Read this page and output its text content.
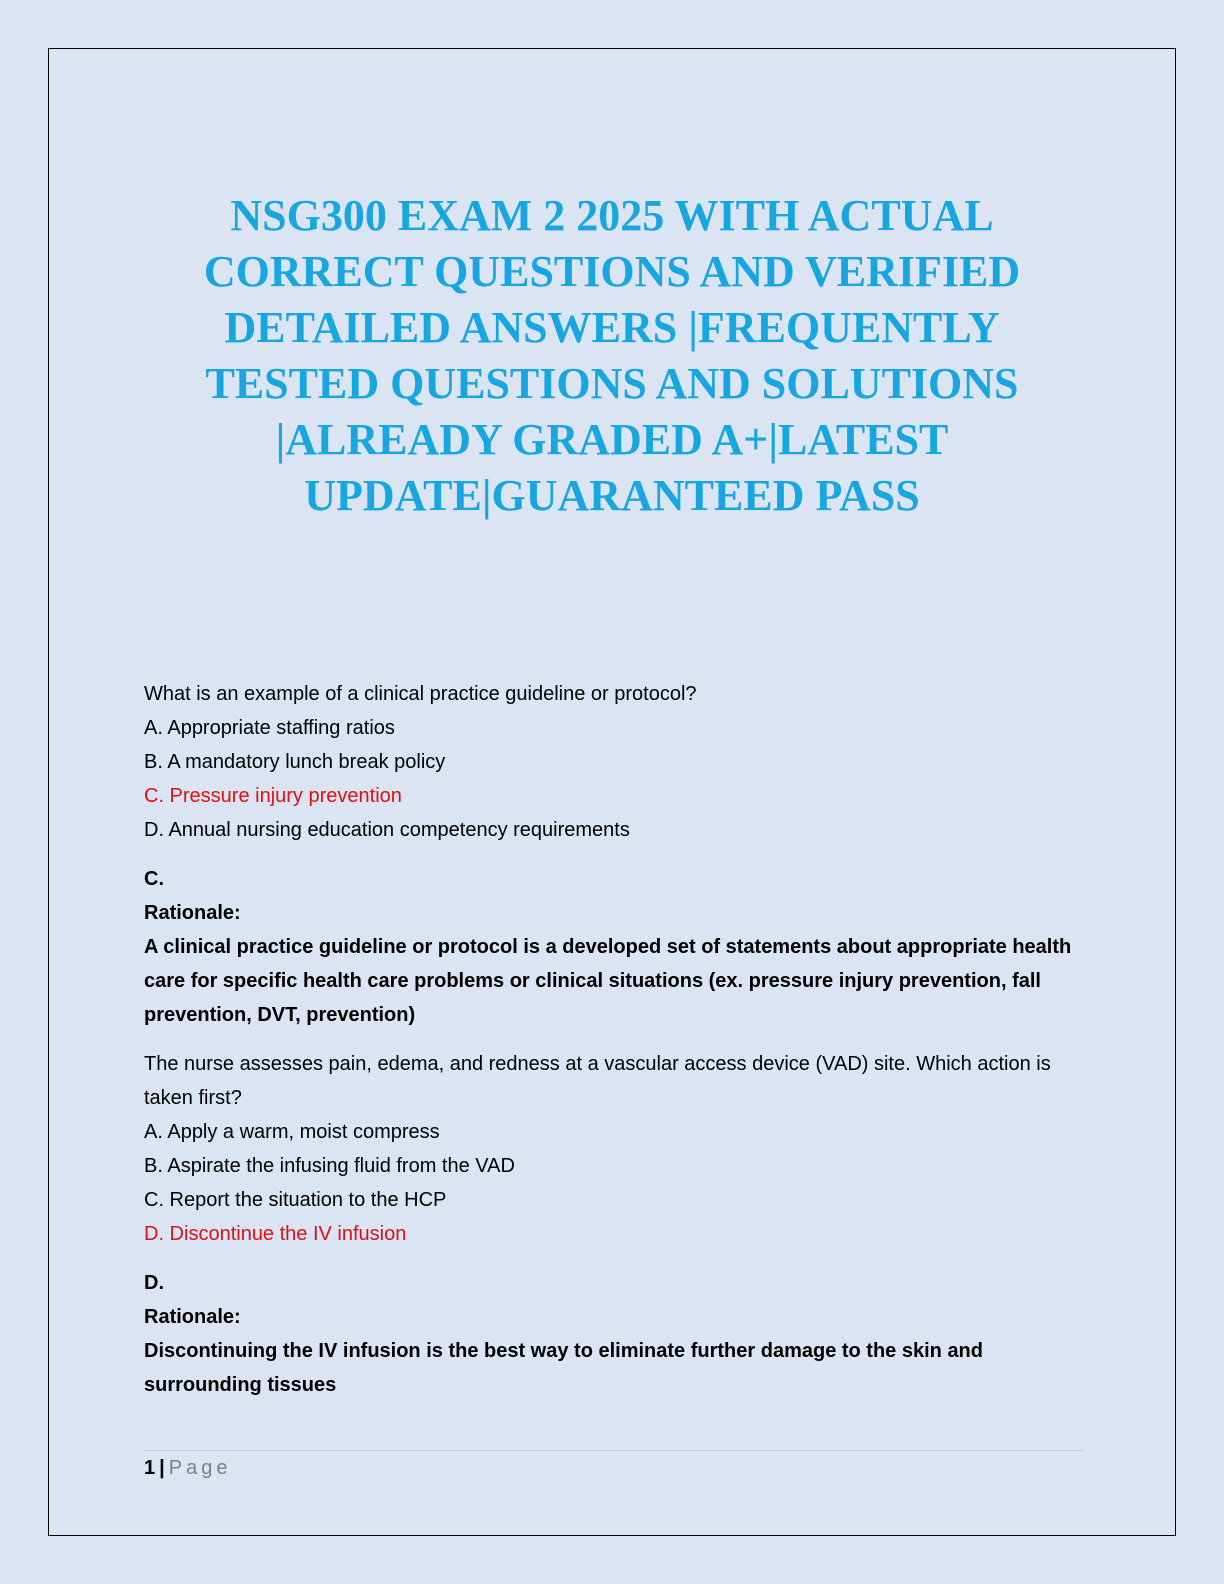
NSG300 EXAM 2 2025 WITH ACTUAL CORRECT QUESTIONS AND VERIFIED DETAILED ANSWERS |FREQUENTLY TESTED QUESTIONS AND SOLUTIONS |ALREADY GRADED A+|LATEST UPDATE|GUARANTEED PASS
What is an example of a clinical practice guideline or protocol?
A. Appropriate staffing ratios
B. A mandatory lunch break policy
C. Pressure injury prevention
D. Annual nursing education competency requirements
C.
Rationale:
A clinical practice guideline or protocol is a developed set of statements about appropriate health care for specific health care problems or clinical situations (ex. pressure injury prevention, fall prevention, DVT, prevention)
The nurse assesses pain, edema, and redness at a vascular access device (VAD) site. Which action is taken first?
A. Apply a warm, moist compress
B. Aspirate the infusing fluid from the VAD
C. Report the situation to the HCP
D. Discontinue the IV infusion
D.
Rationale:
Discontinuing the IV infusion is the best way to eliminate further damage to the skin and surrounding tissues
1 | Page
